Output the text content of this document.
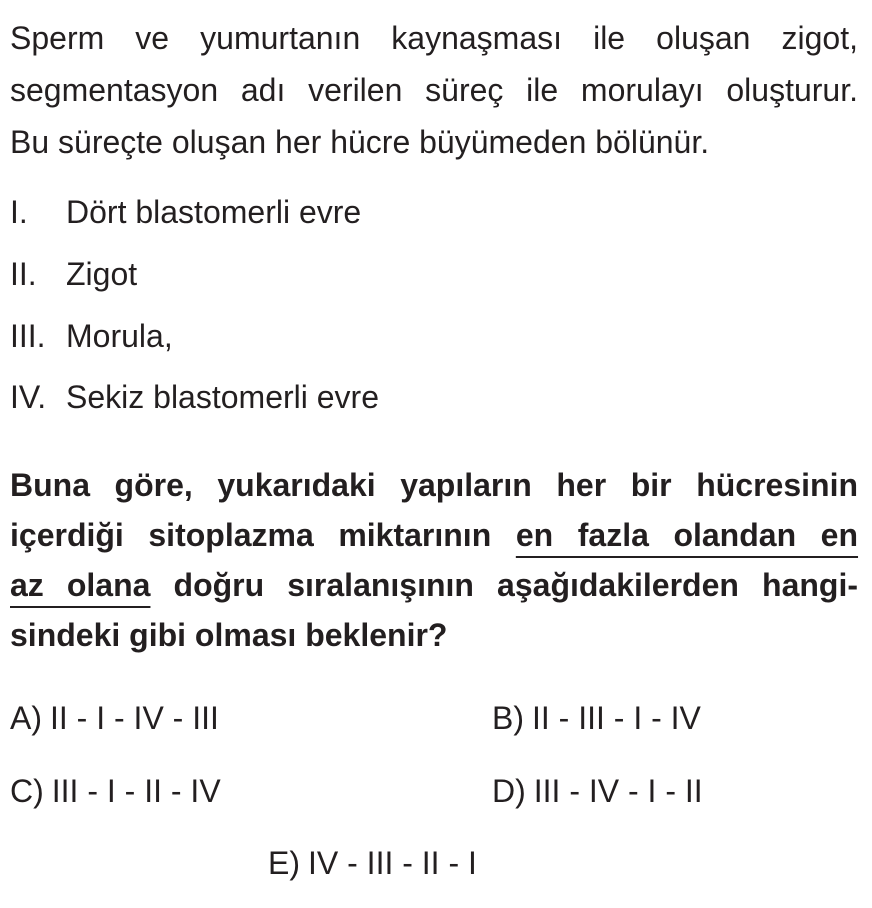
Sperm ve yumurtanın kaynaşması ile oluşan zigot,
segmentasyon adı verilen süreç ile morulayı oluşturur.
Bu süreçte oluşan her hücre büyümeden bölünür.
I. Dört blastomerli evre
II. Zigot
III. Morula,
IV. Sekiz blastomerli evre
Buna göre, yukarıdaki yapıların her bir hücresinin
içerdiği sitoplazma miktarının en fazla olandan en
az olana doğru sıralanışının aşağıdakilerden hangi-
sindeki gibi olması beklenir?
A) II - I - IV - III	B) II - III - I - IV
C) III - I - II - IV	D) III - IV - I - II
E) IV - III - II - I
